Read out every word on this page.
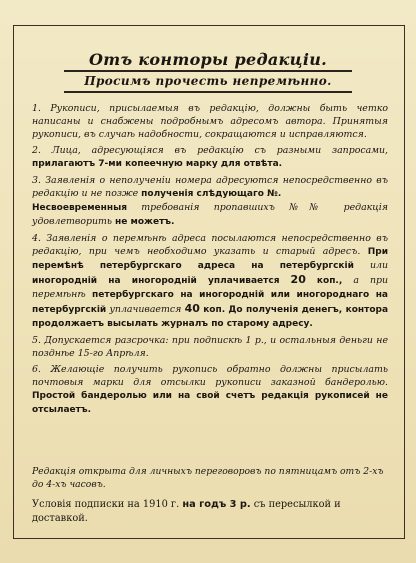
Отъ конторы редакціи.
Просимъ прочесть непремѣнно.

1. Рукописи, присылаемыя въ редакцію, должны быть четко написаны и снабжены подробнымъ адресомъ автора. Принятыя рукописи, въ случаѣ надобности, сокращаются и исправляются.

2. Лица, адресующіяся въ редакцію съ разными запросами, прилагаютъ 7-ми копеечную марку для отвѣта.

3. Заявленія о неполученіи номера адресуются непосредственно въ редакцію и не позже полученія слѣдующаго №.
Несвоевременныя требованія пропавшихъ №№ редакція удовлетворить не можетъ.

4. Заявленія о перемѣнѣ адреса посылаются непосредственно въ редакцію, при чемъ необходимо указать и старый адресъ. При перемѣнѣ петербургскаго адреса на петербургскій или иногородній на иногородній уплачивается 20 коп., а при перемѣнѣ петербургскаго на иногородній или иногороднаго на петербургскій уплачивается 40 коп. До полученія денегъ, контора продолжаетъ высылать журналъ по старому адресу.

5. Допускается разсрочка: при подпискѣ 1 р., и остальныя деньги не позднѣе 15-го Апрѣля.

6. Желающіе получить рукопись обратно должны присылать почтовыя марки для отсылки рукописи заказной бандеролью. Простой бандеролью или на свой счетъ редакція рукописей не отсылаетъ.

Редакція открыта для личныхъ переговоровъ по пятницамъ отъ 2-хъ до 4-хъ часовъ.
Условія подписки на 1910 г. на годъ 3 р. съ пересылкой и доставкой.
